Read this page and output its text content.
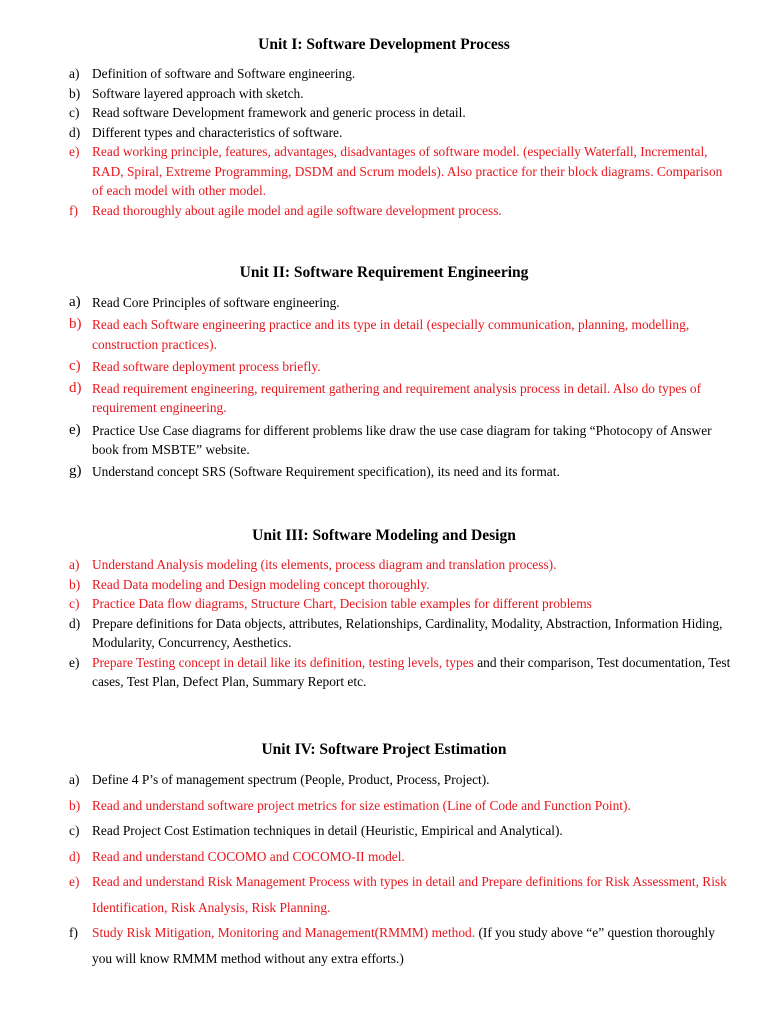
Unit I: Software Development Process
a) Definition of software and Software engineering.
b) Software layered approach with sketch.
c) Read software Development framework and generic process in detail.
d) Different types and characteristics of software.
e) Read working principle, features, advantages, disadvantages of software model. (especially Waterfall, Incremental, RAD, Spiral, Extreme Programming, DSDM and Scrum models). Also practice for their block diagrams. Comparison of each model with other model.
f) Read thoroughly about agile model and agile software development process.
Unit II: Software Requirement Engineering
a) Read Core Principles of software engineering.
b) Read each Software engineering practice and its type in detail (especially communication, planning, modelling, construction practices).
c) Read software deployment process briefly.
d) Read requirement engineering, requirement gathering and requirement analysis process in detail. Also do types of requirement engineering.
e) Practice Use Case diagrams for different problems like draw the use case diagram for taking “Photocopy of Answer book from MSBTE” website.
g) Understand concept SRS (Software Requirement specification), its need and its format.
Unit III: Software Modeling and Design
a) Understand Analysis modeling (its elements, process diagram and translation process).
b) Read Data modeling and Design modeling concept thoroughly.
c) Practice Data flow diagrams, Structure Chart, Decision table examples for different problems
d) Prepare definitions for Data objects, attributes, Relationships, Cardinality, Modality, Abstraction, Information Hiding, Modularity, Concurrency, Aesthetics.
e) Prepare Testing concept in detail like its definition, testing levels, types and their comparison, Test documentation, Test cases, Test Plan, Defect Plan, Summary Report etc.
Unit IV: Software Project Estimation
a) Define 4 P’s of management spectrum (People, Product, Process, Project).
b) Read and understand software project metrics for size estimation (Line of Code and Function Point).
c) Read Project Cost Estimation techniques in detail (Heuristic, Empirical and Analytical).
d) Read and understand COCOMO and COCOMO-II model.
e) Read and understand Risk Management Process with types in detail and Prepare definitions for Risk Assessment, Risk Identification, Risk Analysis, Risk Planning.
f) Study Risk Mitigation, Monitoring and Management(RMMM) method. (If you study above “e” question thoroughly you will know RMMM method without any extra efforts.)
